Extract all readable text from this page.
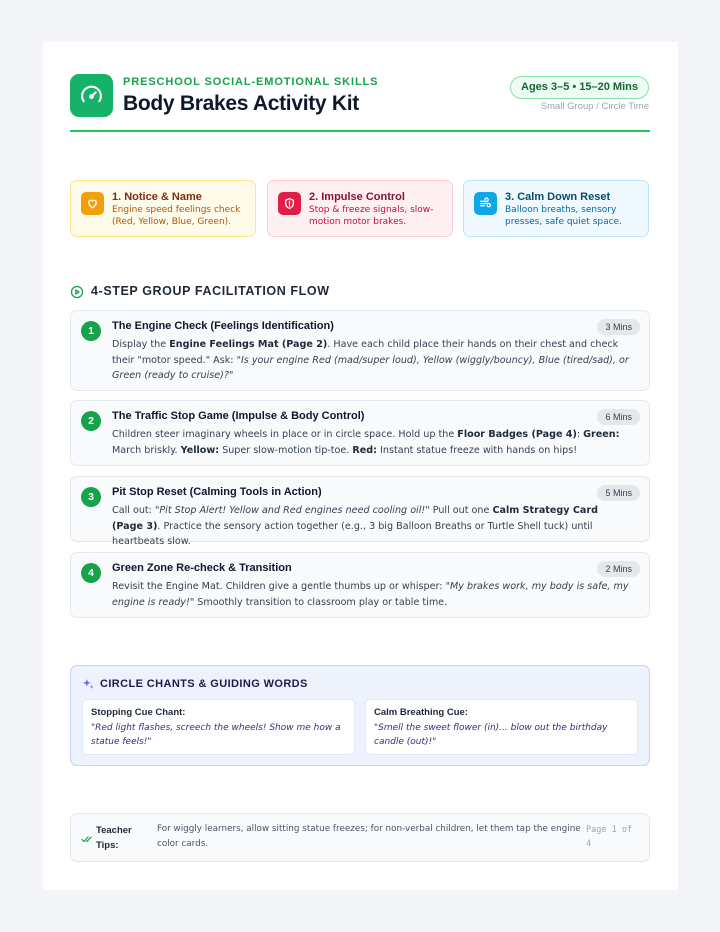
PRESCHOOL SOCIAL-EMOTIONAL SKILLS
Body Brakes Activity Kit
Ages 3–5 • 15–20 Mins
Small Group / Circle Time
1. Notice & Name
Engine speed feelings check (Red, Yellow, Blue, Green).
2. Impulse Control
Stop & freeze signals, slow-motion motor brakes.
3. Calm Down Reset
Balloon breaths, sensory presses, safe quiet space.
4-STEP GROUP FACILITATION FLOW
1	The Engine Check (Feelings Identification)	3 Mins
Display the Engine Feelings Mat (Page 2). Have each child place their hands on their chest and check their "motor speed." Ask: "Is your engine Red (mad/super loud), Yellow (wiggly/bouncy), Blue (tired/sad), or Green (ready to cruise)?"
2	The Traffic Stop Game (Impulse & Body Control)	6 Mins
Children steer imaginary wheels in place or in circle space. Hold up the Floor Badges (Page 4): Green: March briskly. Yellow: Super slow-motion tip-toe. Red: Instant statue freeze with hands on hips!
3	Pit Stop Reset (Calming Tools in Action)	5 Mins
Call out: "Pit Stop Alert! Yellow and Red engines need cooling oil!" Pull out one Calm Strategy Card (Page 3). Practice the sensory action together (e.g., 3 big Balloon Breaths or Turtle Shell tuck) until heartbeats slow.
4	Green Zone Re-check & Transition	2 Mins
Revisit the Engine Mat. Children give a gentle thumbs up or whisper: "My brakes work, my body is safe, my engine is ready!" Smoothly transition to classroom play or table time.
CIRCLE CHANTS & GUIDING WORDS
Stopping Cue Chant:
"Red light flashes, screech the wheels! Show me how a statue feels!"
Calm Breathing Cue:
"Smell the sweet flower (in)... blow out the birthday candle (out)!"
Teacher Tips:
For wiggly learners, allow sitting statue freezes; for non-verbal children, let them tap the engine color cards.
Page 1 of 4
